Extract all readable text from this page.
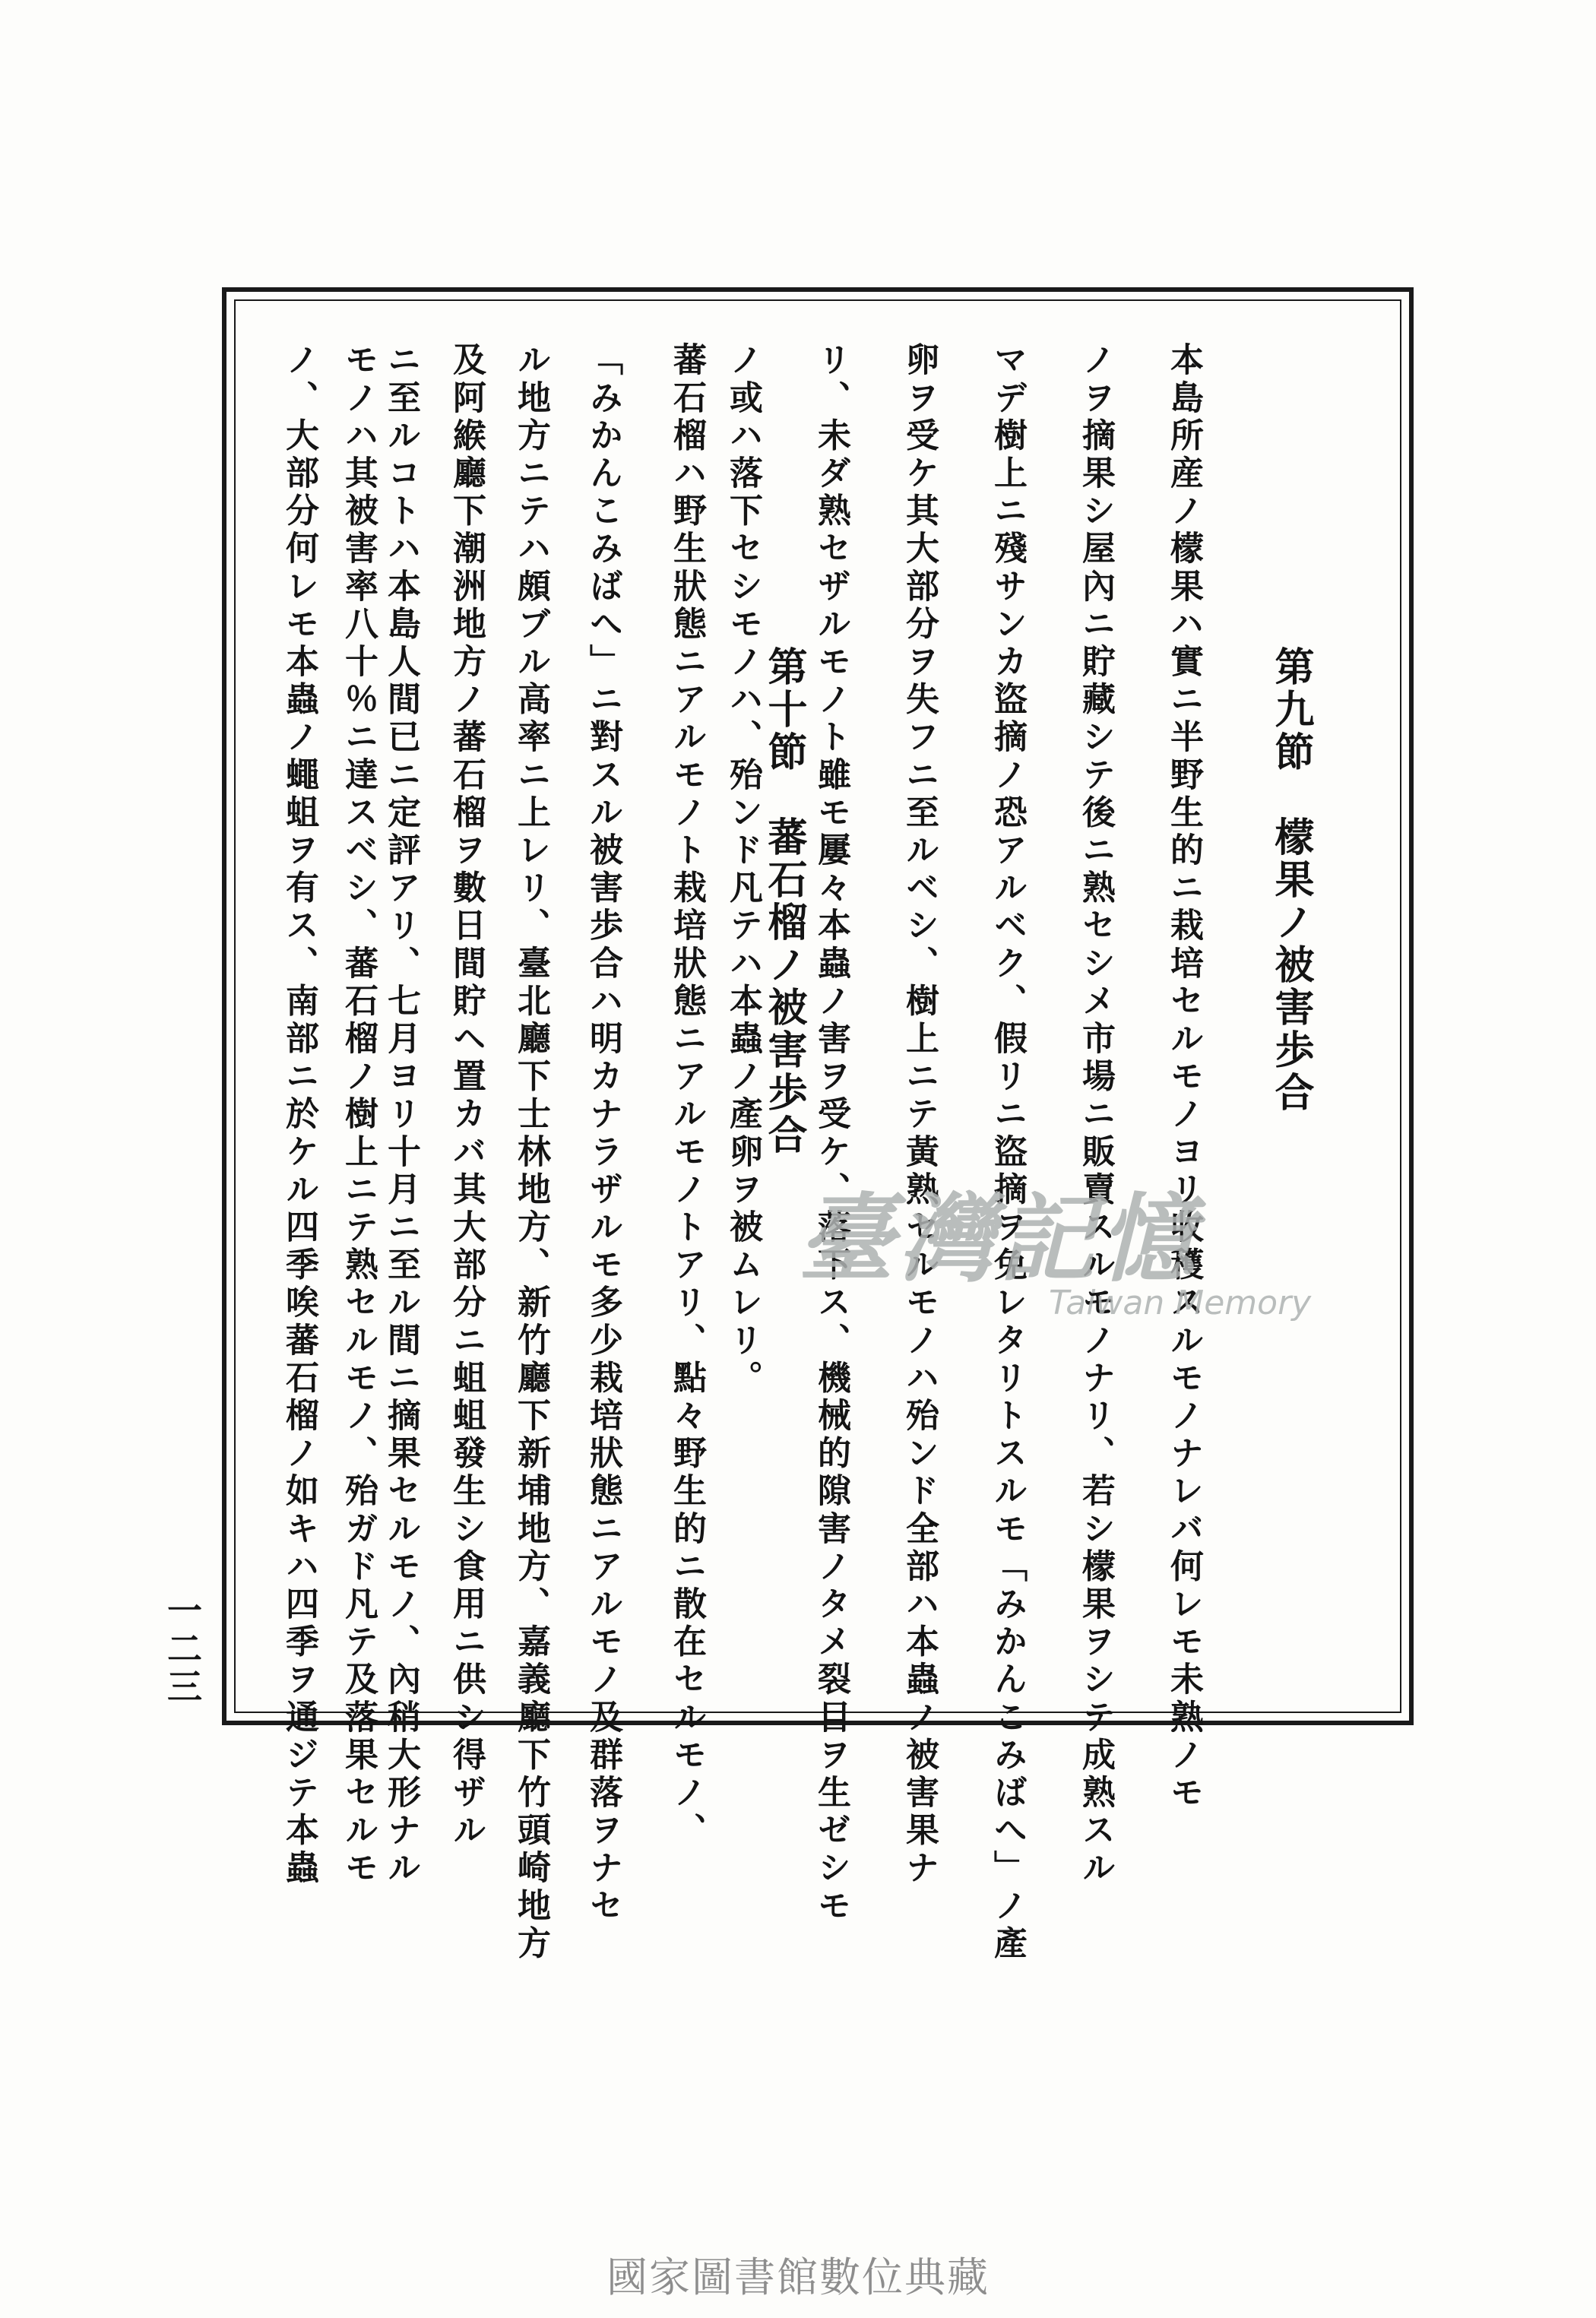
第九節　檬果ノ被害歩合
本島所産ノ檬果ハ實ニ半野生的ニ栽培セルモノヨリ收穫スルモノナレバ何レモ未熟ノモ
ノヲ摘果シ屋內ニ貯藏シテ後ニ熟セシメ市場ニ販賣スルモノナリ、若シ檬果ヲシテ成熟スル
マデ樹上ニ殘サンカ盜摘ノ恐アルベク、假リニ盜摘ヲ免レタリトスルモ「みかんこみばへ」ノ產
卵ヲ受ケ其大部分ヲ失フニ至ルベシ、樹上ニテ黃熟セルモノハ殆ンド全部ハ本蟲ノ被害果ナ
リ、未ダ熟セザルモノト雖モ屢々本蟲ノ害ヲ受ケ、落下ス、機械的隙害ノタメ裂目ヲ生ゼシモ
ノ或ハ落下セシモノハ、殆ンド凡テハ本蟲ノ產卵ヲ被ムレリ。
第十節　蕃石榴ノ被害歩合
蕃石榴ハ野生狀態ニアルモノト栽培狀態ニアルモノトアリ、點々野生的ニ散在セルモノ、
「みかんこみばへ」ニ對スル被害歩合ハ明カナラザルモ多少栽培狀態ニアルモノ及群落ヲナセ
ル地方ニテハ頗ブル高率ニ上レリ、臺北廳下士林地方、新竹廳下新埔地方、嘉義廳下竹頭崎地方
及阿緱廳下潮洲地方ノ蕃石榴ヲ數日間貯ヘ置カバ其大部分ニ蛆蛆發生シ食用ニ供シ得ザル
ニ至ルコトハ本島人間已ニ定評アリ、七月ヨリ十月ニ至ル間ニ摘果セルモノ、內稍大形ナル
モノハ其被害率八十％ニ達スベシ、蕃石榴ノ樹上ニテ熟セルモノ、殆ガド凡テ及落果セルモ
ノ、大部分何レモ本蟲ノ蠅蛆ヲ有ス、南部ニ於ケル四季唉蕃石榴ノ如キハ四季ヲ通ジテ本蟲
一二三
臺灣記憶
Taiwan Memory
國家圖書館數位典藏
